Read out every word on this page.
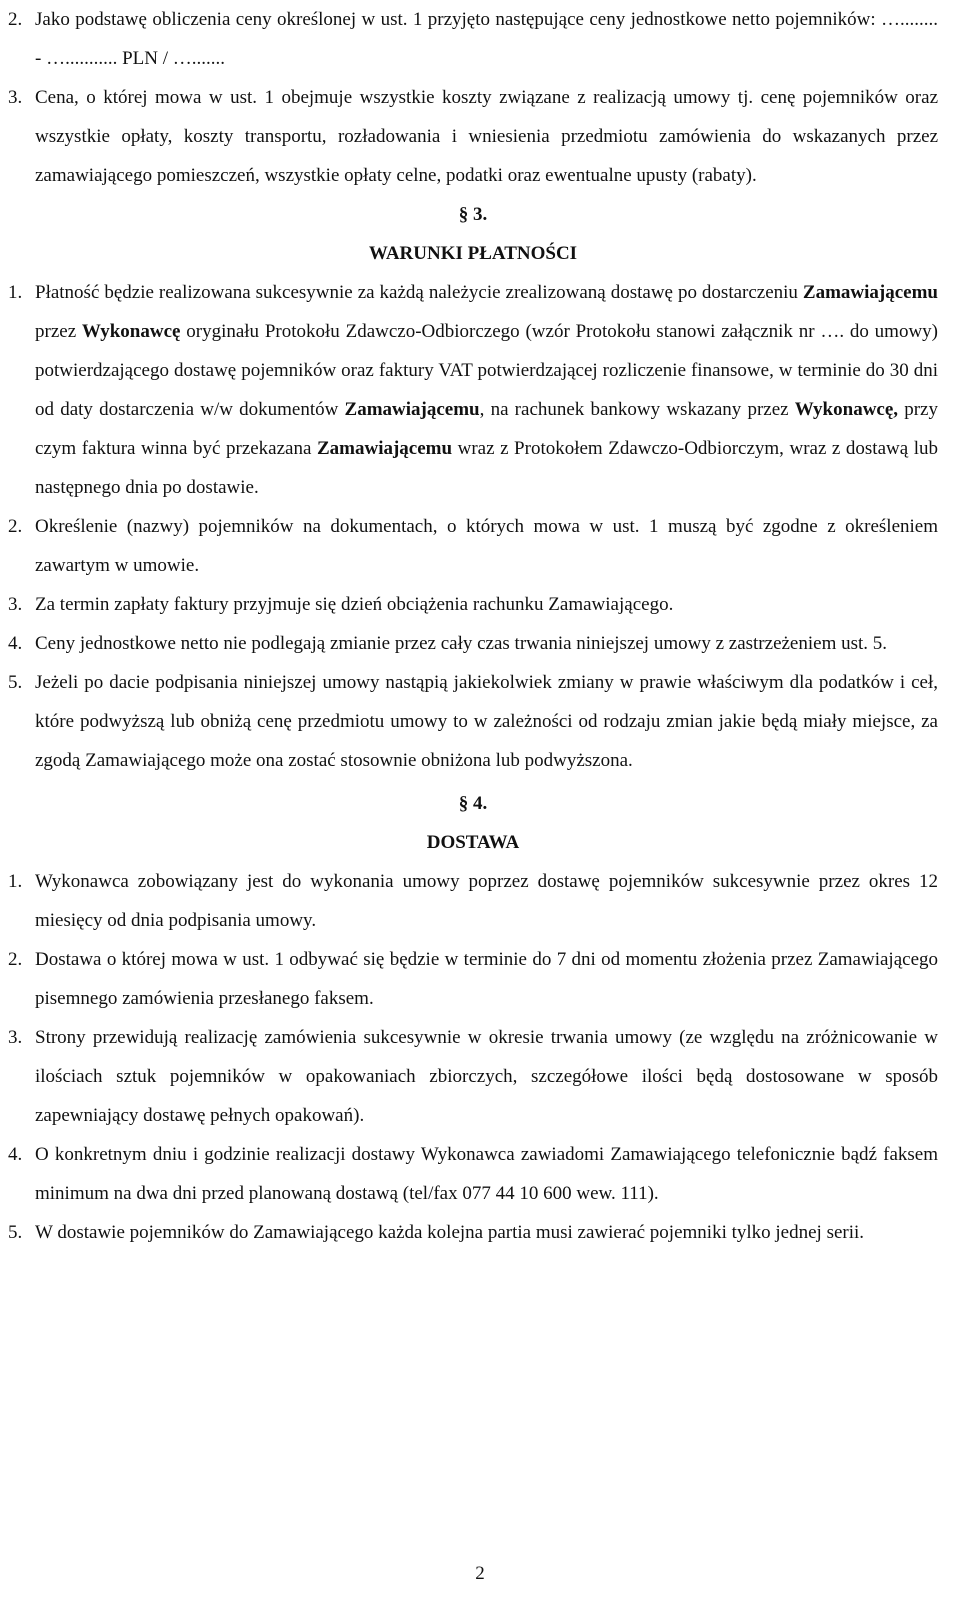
2. Jako podstawę obliczenia ceny określonej w ust. 1 przyjęto następujące ceny jednostkowe netto pojemników: …........ - …........... PLN / ….......
3. Cena, o której mowa w ust. 1 obejmuje wszystkie koszty związane z realizacją umowy tj. cenę pojemników oraz wszystkie opłaty, koszty transportu, rozładowania i wniesienia przedmiotu zamówienia do wskazanych przez zamawiającego pomieszczeń, wszystkie opłaty celne, podatki oraz ewentualne upusty (rabaty).
§ 3.
WARUNKI PŁATNOŚCI
1. Płatność będzie realizowana sukcesywnie za każdą należycie zrealizowaną dostawę po dostarczeniu Zamawiającemu przez Wykonawcę oryginału Protokołu Zdawczo-Odbiorczego (wzór Protokołu stanowi załącznik nr …. do umowy) potwierdzającego dostawę pojemników oraz faktury VAT potwierdzającej rozliczenie finansowe, w terminie do 30 dni od daty dostarczenia w/w dokumentów Zamawiającemu, na rachunek bankowy wskazany przez Wykonawcę, przy czym faktura winna być przekazana Zamawiającemu wraz z Protokołem Zdawczo-Odbiorczym, wraz z dostawą lub następnego dnia po dostawie.
2. Określenie (nazwy) pojemników na dokumentach, o których mowa w ust. 1 muszą być zgodne z określeniem zawartym w umowie.
3. Za termin zapłaty faktury przyjmuje się dzień obciążenia rachunku Zamawiającego.
4. Ceny jednostkowe netto nie podlegają zmianie przez cały czas trwania niniejszej umowy z zastrzeżeniem ust. 5.
5. Jeżeli po dacie podpisania niniejszej umowy nastąpią jakiekolwiek zmiany w prawie właściwym dla podatków i ceł, które podwyższą lub obniżą cenę przedmiotu umowy to w zależności od rodzaju zmian jakie będą miały miejsce, za zgodą Zamawiającego może ona zostać stosownie obniżona lub podwyższona.
§ 4.
DOSTAWA
1. Wykonawca zobowiązany jest do wykonania umowy poprzez dostawę pojemników sukcesywnie przez okres 12 miesięcy od dnia podpisania umowy.
2. Dostawa o której mowa w ust. 1 odbywać się będzie w terminie do 7 dni od momentu złożenia przez Zamawiającego pisemnego zamówienia przesłanego faksem.
3. Strony przewidują realizację zamówienia sukcesywnie w okresie trwania umowy (ze względu na zróżnicowanie w ilościach sztuk pojemników w opakowaniach zbiorczych, szczegółowe ilości będą dostosowane w sposób zapewniający dostawę pełnych opakowań).
4. O konkretnym dniu i godzinie realizacji dostawy Wykonawca zawiadomi Zamawiającego telefonicznie bądź faksem minimum na dwa dni przed planowaną dostawą (tel/fax 077 44 10 600 wew. 111).
5. W dostawie pojemników do Zamawiającego każda kolejna partia musi zawierać pojemniki tylko jednej serii.
2
